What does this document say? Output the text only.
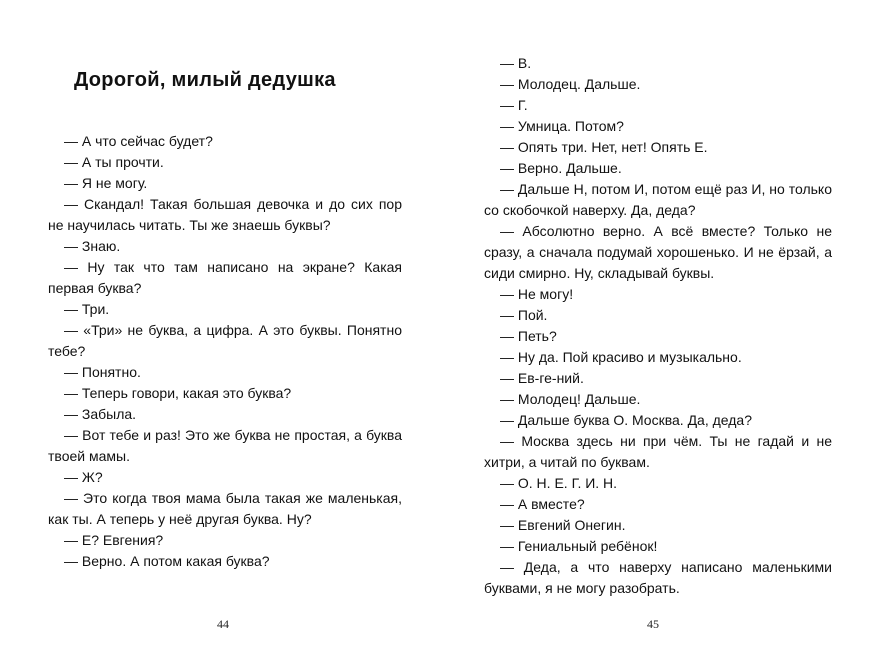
Дорогой, милый дедушка

— А что сейчас будет?

— А ты прочти.

— Я не могу.

— Скандал! Такая большая девочка и до сих пор не научилась читать. Ты же знаешь буквы?

— Знаю.

— Ну так что там написано на экране? Какая первая буква?

— Три.

— «Три» не буква, а цифра. А это буквы. Понятно тебе?

— Понятно.

— Теперь говори, какая это буква?

— Забыла.

— Вот тебе и раз! Это же буква не простая, а буква твоей мамы.

— Ж?

— Это когда твоя мама была такая же маленькая, как ты. А теперь у неё другая буква. Ну?

— Е? Евгения?

— Верно. А потом какая буква?

— В.

— Молодец. Дальше.

— Г.

— Умница. Потом?

— Опять три. Нет, нет! Опять Е.

— Верно. Дальше.

— Дальше Н, потом И, потом ещё раз И, но только со скобочкой наверху. Да, деда?

— Абсолютно верно. А всё вместе? Только не сразу, а сначала подумай хорошенько. И не ёрзай, а сиди смирно. Ну, складывай буквы.

— Не могу!

— Пой.

— Петь?

— Ну да. Пой красиво и музыкально.

— Ев-ге-ний.

— Молодец! Дальше.

— Дальше буква О. Москва. Да, деда?

— Москва здесь ни при чём. Ты не гадай и не хитри, а читай по буквам.

— О. Н. Е. Г. И. Н.

— А вместе?

— Евгений Онегин.

— Гениальный ребёнок!

— Деда, а что наверху написано маленькими буквами, я не могу разобрать.

44	45
